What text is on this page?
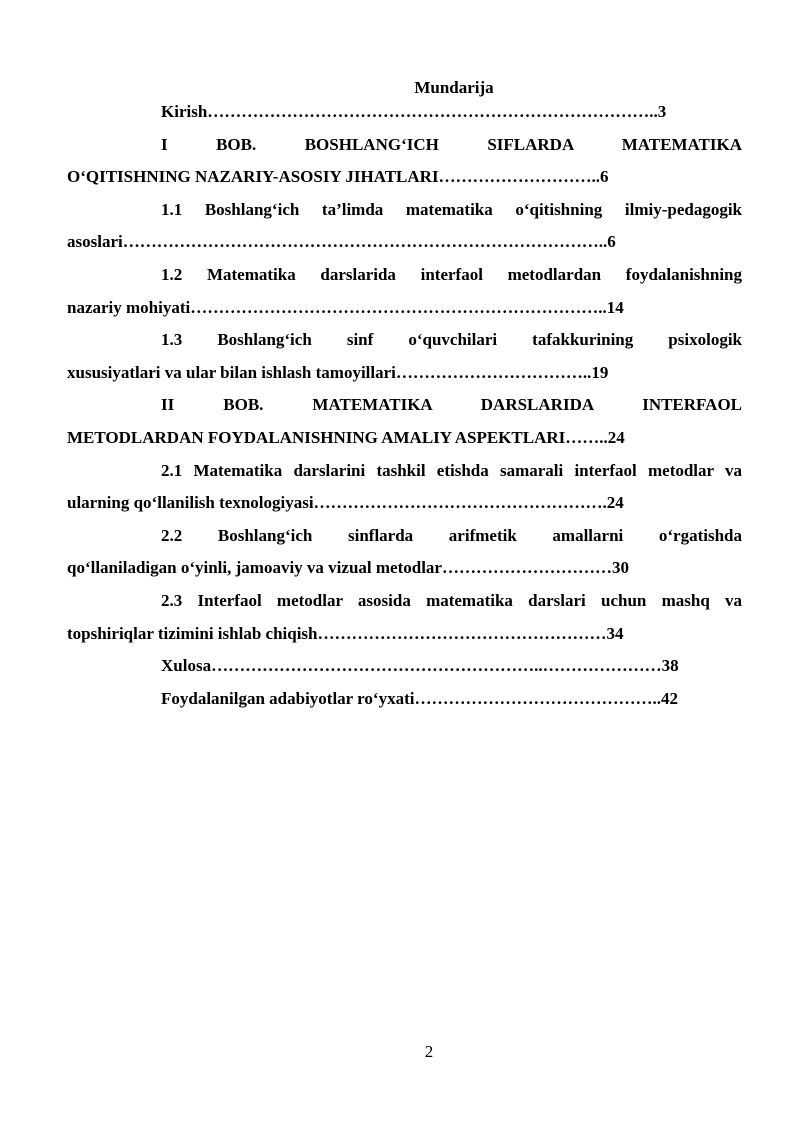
Mundarija

Kirish……………………………………………………………………..3

I	BOB. BOSHLANG‘ICH SIFLARDA MATEMATIKA
O‘QITISHNING NAZARIY-ASOSIY JIHATLARI………………………..6

1.1 Boshlang‘ich ta’limda matematika o‘qitishning ilmiy-pedagogik
asoslari…………………………………………………………………………..6

1.2 Matematika darslarida interfaol metodlardan foydalanishning
nazariy mohiyati………………………………………………………………..14

1.3 Boshlang‘ich sinf o‘quvchilari tafakkurining psixologik
xususiyatlari va ular bilan ishlash tamoyillari……………………………..19

II	BOB. MATEMATIKA DARSLARIDA INTERFAOL
METODLARDAN FOYDALANISHNING AMALIY ASPEKTLARI……..24

2.1 Matematika darslarini tashkil etishda samarali interfaol metodlar va
ularning qo‘llanilish texnologiyasi…………………………………………….24

2.2 Boshlang‘ich sinflarda arifmetik amallarni o‘rgatishda
qo‘llaniladigan o‘yinli, jamoaviy va vizual metodlar…………………………30

2.3 Interfaol metodlar asosida matematika darslari uchun mashq va
topshiriqlar tizimini ishlab chiqish……………………………………………34

Xulosa…………………………………………………..…………………38

Foydalanilgan adabiyotlar ro‘yxati……………………………………..42

2
